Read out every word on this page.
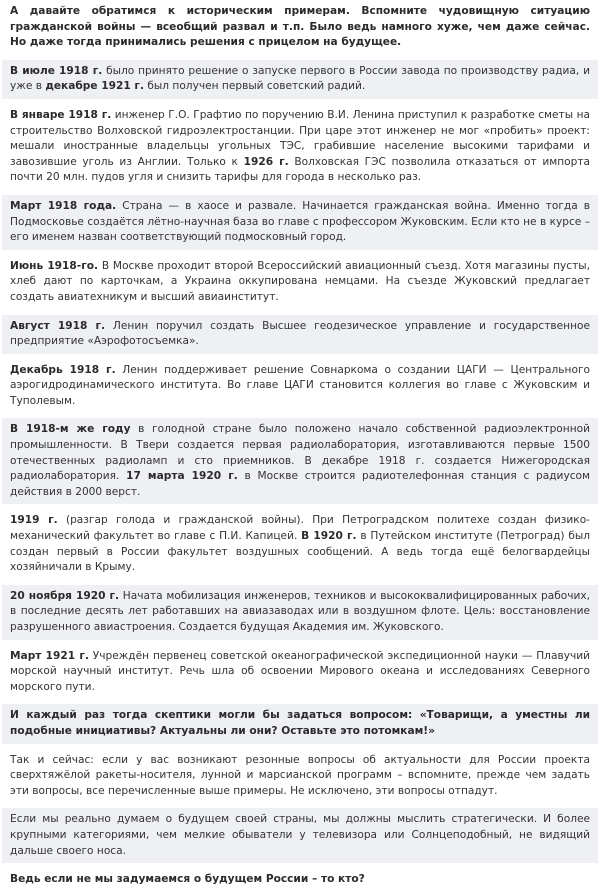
А давайте обратимся к историческим примерам. Вспомните чудовищную ситуацию гражданской войны — всеобщий развал и т.п. Было ведь намного хуже, чем даже сейчас. Но даже тогда принимались решения с прицелом на будущее.
В июле 1918 г. было принято решение о запуске первого в России завода по производству радиа, и уже в декабре 1921 г. был получен первый советский радий.
В январе 1918 г. инженер Г.О. Графтио по поручению В.И. Ленина приступил к разработке сметы на строительство Волховской гидроэлектростанции. При царе этот инженер не мог «пробить» проект: мешали иностранные владельцы угольных ТЭС, грабившие население высокими тарифами и завозившие уголь из Англии. Только к 1926 г. Волховская ГЭС позволила отказаться от импорта почти 20 млн. пудов угля и снизить тарифы для города в несколько раз.
Март 1918 года. Страна — в хаосе и развале. Начинается гражданская война. Именно тогда в Подмосковье создаётся лётно-научная база во главе с профессором Жуковским. Если кто не в курсе – его именем назван соответствующий подмосковный город.
Июнь 1918-го. В Москве проходит второй Всероссийский авиационный съезд. Хотя магазины пусты, хлеб дают по карточкам, а Украина оккупирована немцами. На съезде Жуковский предлагает создать авиатехникум и высший авиаинститут.
Август 1918 г. Ленин поручил создать Высшее геодезическое управление и государственное предприятие «Аэрофотосъемка».
Декабрь 1918 г. Ленин поддерживает решение Совнаркома о создании ЦАГИ — Центрального аэрогидродинамического института. Во главе ЦАГИ становится коллегия во главе с Жуковским и Туполевым.
В 1918-м же году в голодной стране было положено начало собственной радиоэлектронной промышленности. В Твери создается первая радиолаборатория, изготавливаются первые 1500 отечественных радиоламп и сто приемников. В декабре 1918 г. создается Нижегородская радиолаборатория. 17 марта 1920 г. в Москве строится радиотелефонная станция с радиусом действия в 2000 верст.
1919 г. (разгар голода и гражданской войны). При Петроградском политехе создан физико-механический факультет во главе с П.И. Капицей. В 1920 г. в Путейском институте (Петроград) был создан первый в России факультет воздушных сообщений. А ведь тогда ещё белогвардейцы хозяйничали в Крыму.
20 ноября 1920 г. Начата мобилизация инженеров, техников и высококвалифицированных рабочих, в последние десять лет работавших на авиазаводах или в воздушном флоте. Цель: восстановление разрушенного авиастроения. Создается будущая Академия им. Жуковского.
Март 1921 г. Учреждён первенец советской океанографической экспедиционной науки — Плавучий морской научный институт. Речь шла об освоении Мирового океана и исследованиях Северного морского пути.
И каждый раз тогда скептики могли бы задаться вопросом: «Товарищи, а уместны ли подобные инициативы? Актуальны ли они? Оставьте это потомкам!»
Так и сейчас: если у вас возникают резонные вопросы об актуальности для России проекта сверхтяжёлой ракеты-носителя, лунной и марсианской программ – вспомните, прежде чем задать эти вопросы, все перечисленные выше примеры. Не исключено, эти вопросы отпадут.
Если мы реально думаем о будущем своей страны, мы должны мыслить стратегически. И более крупными категориями, чем мелкие обыватели у телевизора или Солнцеподобный, не видящий дальше своего носа.
Ведь если не мы задумаемся о будущем России – то кто?
